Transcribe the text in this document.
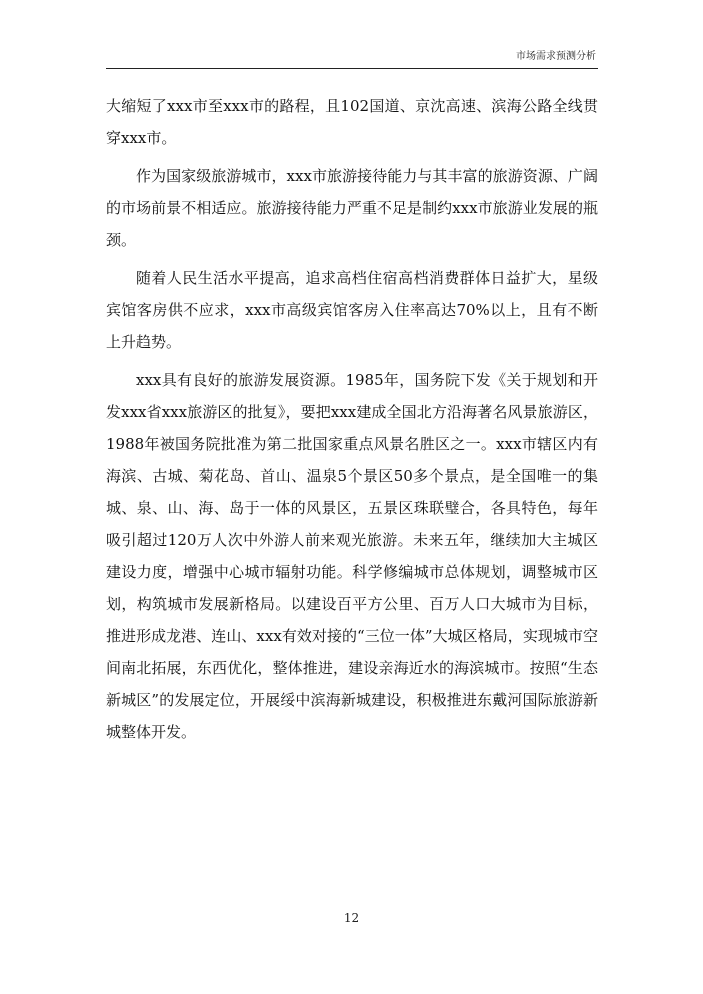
市场需求预测分析

大缩短了xxx市至xxx市的路程，且102国道、京沈高速、滨海公路全线贯穿xxx市。

作为国家级旅游城市，xxx市旅游接待能力与其丰富的旅游资源、广阔的市场前景不相适应。旅游接待能力严重不足是制约xxx市旅游业发展的瓶颈。

随着人民生活水平提高，追求高档住宿高档消费群体日益扩大，星级宾馆客房供不应求，xxx市高级宾馆客房入住率高达70%以上，且有不断上升趋势。

xxx具有良好的旅游发展资源。1985年，国务院下发《关于规划和开发xxx省xxx旅游区的批复》，要把xxx建成全国北方沿海著名风景旅游区，1988年被国务院批准为第二批国家重点风景名胜区之一。xxx市辖区内有海滨、古城、菊花岛、首山、温泉5个景区50多个景点，是全国唯一的集城、泉、山、海、岛于一体的风景区，五景区珠联璧合，各具特色，每年吸引超过120万人次中外游人前来观光旅游。未来五年，继续加大主城区建设力度，增强中心城市辐射功能。科学修编城市总体规划，调整城市区划，构筑城市发展新格局。以建设百平方公里、百万人口大城市为目标，推进形成龙港、连山、xxx有效对接的“三位一体”大城区格局，实现城市空间南北拓展，东西优化，整体推进，建设亲海近水的海滨城市。按照“生态新城区”的发展定位，开展绥中滨海新城建设，积极推进东戴河国际旅游新城整体开发。

12
